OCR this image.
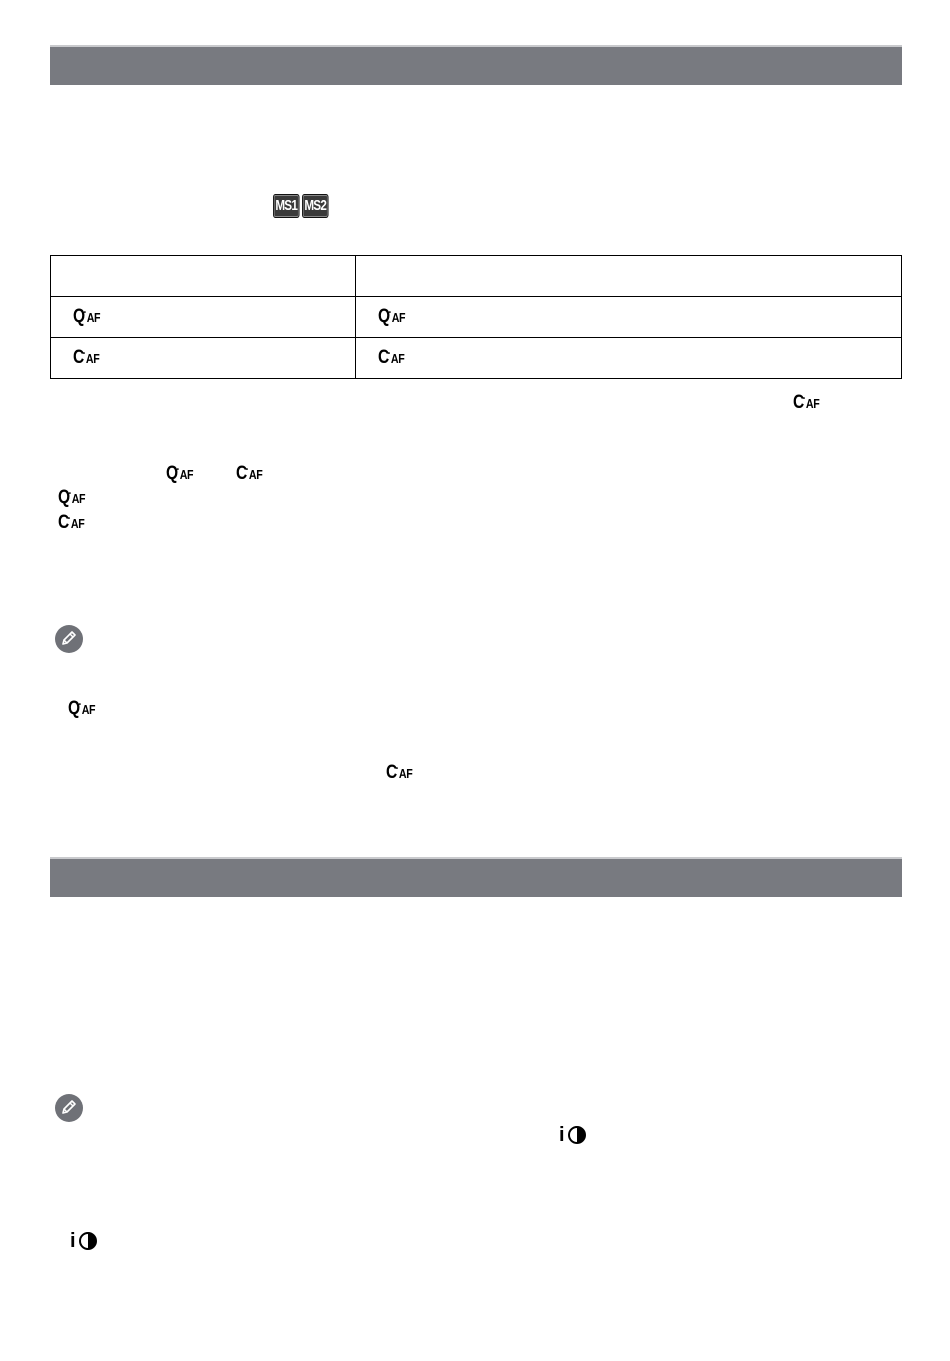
MS1 MS2

Q·AF	Q·AF
C·AF	C·AF
C·AF
Q·AF	C·AF
Q·AF
C·AF
Q·AF
C·AF
i
i
